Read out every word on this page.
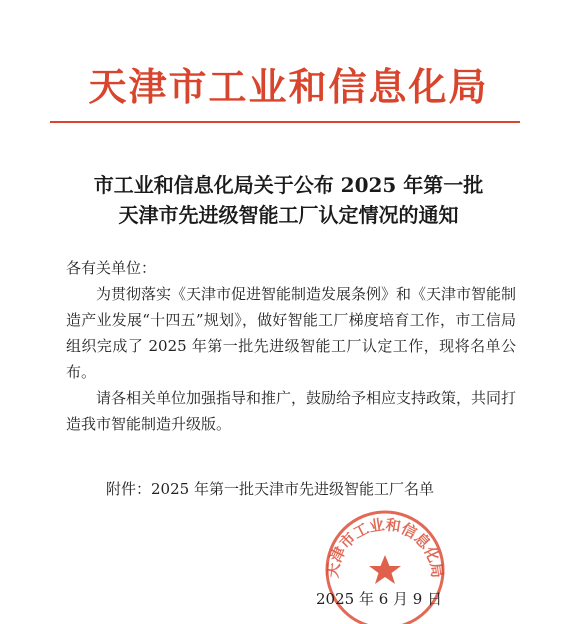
天津市工业和信息化局
市工业和信息化局关于公布 2025 年第一批
天津市先进级智能工厂认定情况的通知

各有关单位：

为贯彻落实《天津市促进智能制造发展条例》和《天津市智能制造产业发展“十四五”规划》，做好智能工厂梯度培育工作，市工信局组织完成了 2025 年第一批先进级智能工厂认定工作，现将名单公布。

请各相关单位加强指导和推广，鼓励给予相应支持政策，共同打造我市智能制造升级版。

附件：2025 年第一批天津市先进级智能工厂名单
天津市工业和信息化局
2025 年 6 月 9 日
